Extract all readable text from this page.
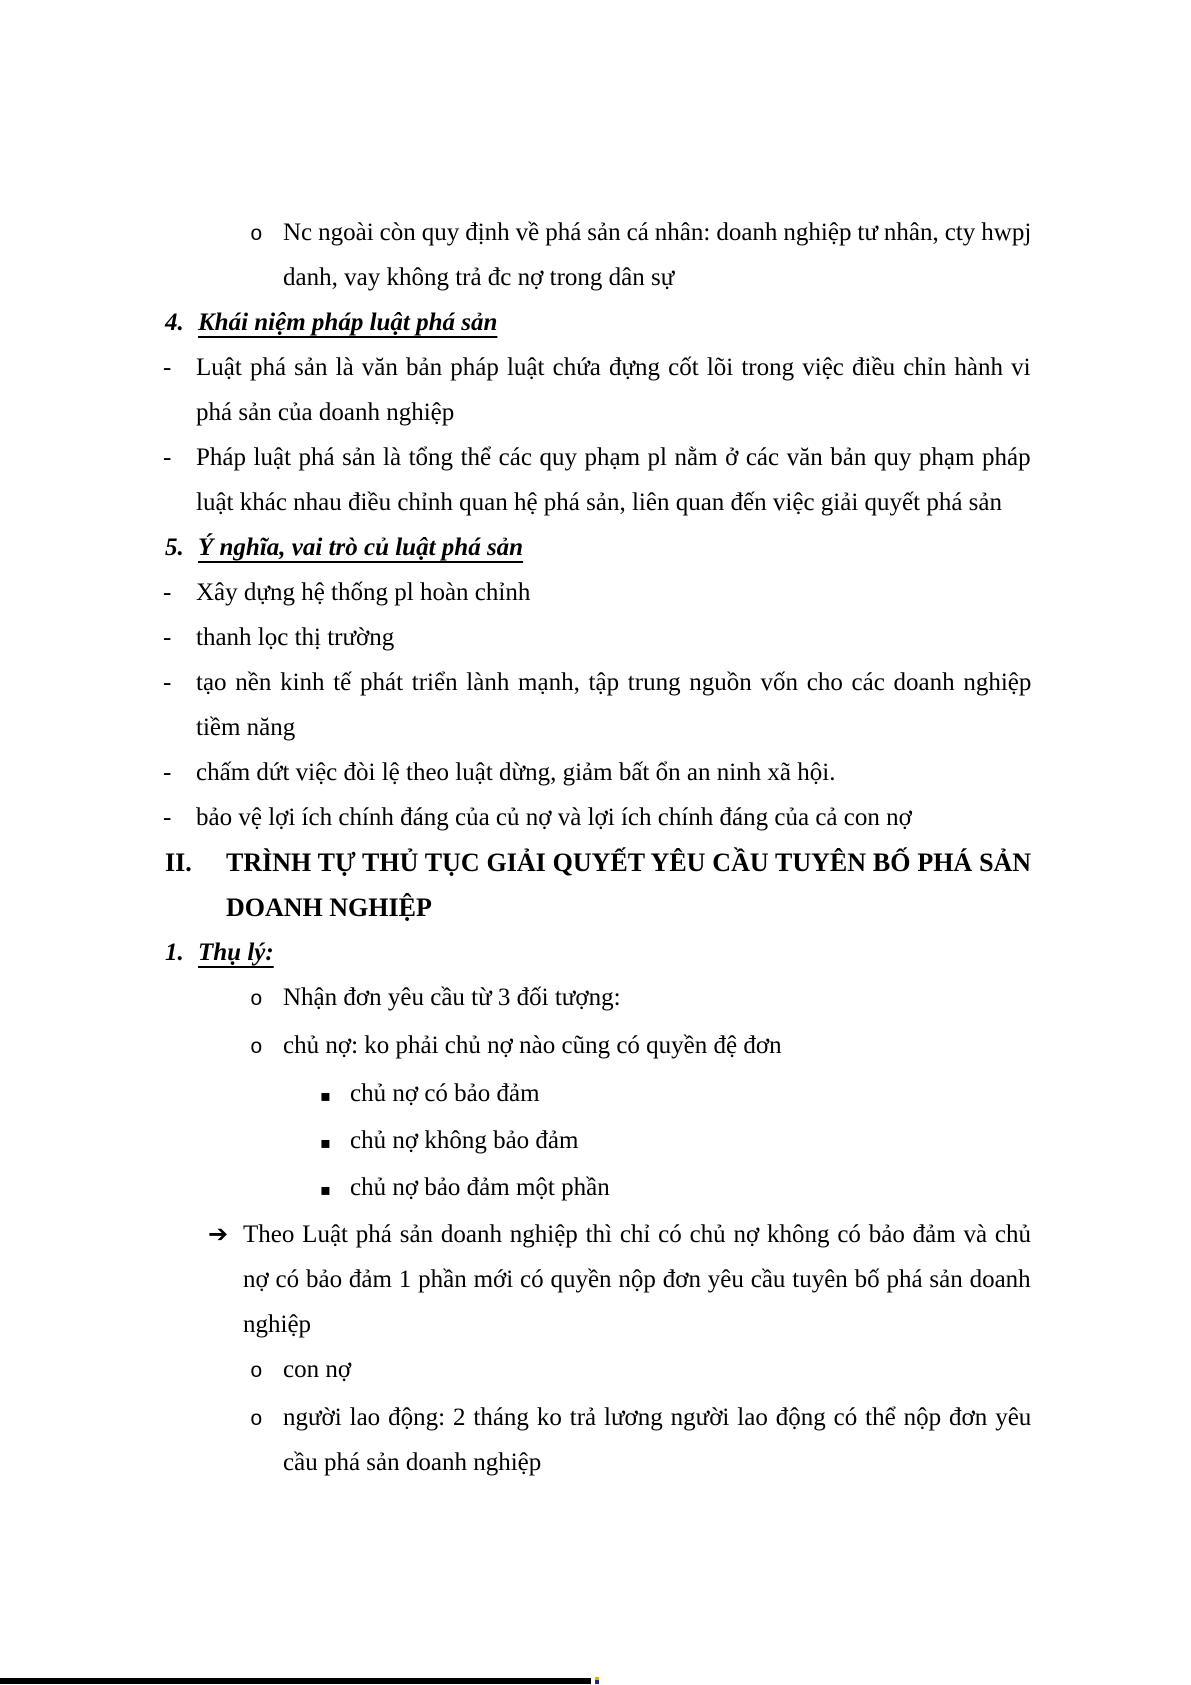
o Nc ngoài còn quy định về phá sản cá nhân: doanh nghiệp tư nhân, cty hwpj
danh, vay không trả đc nợ trong dân sự
4. Khái niệm pháp luật phá sản
- Luật phá sản là văn bản pháp luật chứa đựng cốt lõi trong việc điều chỉn hành vi
phá sản của doanh nghiệp
- Pháp luật phá sản là tổng thể các quy phạm pl nằm ở các văn bản quy phạm pháp
luật khác nhau điều chỉnh quan hệ phá sản, liên quan đến việc giải quyết phá sản
5. Ý nghĩa, vai trò củ luật phá sản
- Xây dựng hệ thống pl hoàn chỉnh
- thanh lọc thị trường
- tạo nền kinh tế phát triển lành mạnh, tập trung nguồn vốn cho các doanh nghiệp
tiềm năng
- chấm dứt việc đòi lệ theo luật dừng, giảm bất ổn an ninh xã hội.
- bảo vệ lợi ích chính đáng của củ nợ và lợi ích chính đáng của cả con nợ
II.	TRÌNH TỰ THỦ TỤC GIẢI QUYẾT YÊU CẦU TUYÊN BỐ PHÁ SẢN
DOANH NGHIỆP
1. Thụ lý:
o Nhận đơn yêu cầu từ 3 đối tượng:
o chủ nợ: ko phải chủ nợ nào cũng có quyền đệ đơn
▪ chủ nợ có bảo đảm
▪ chủ nợ không bảo đảm
▪ chủ nợ bảo đảm một phần
➔ Theo Luật phá sản doanh nghiệp thì chỉ có chủ nợ không có bảo đảm và chủ
nợ có bảo đảm 1 phần mới có quyền nộp đơn yêu cầu tuyên bố phá sản doanh
nghiệp
o con nợ
o người lao động: 2 tháng ko trả lương người lao động có thể nộp đơn yêu
cầu phá sản doanh nghiệp
